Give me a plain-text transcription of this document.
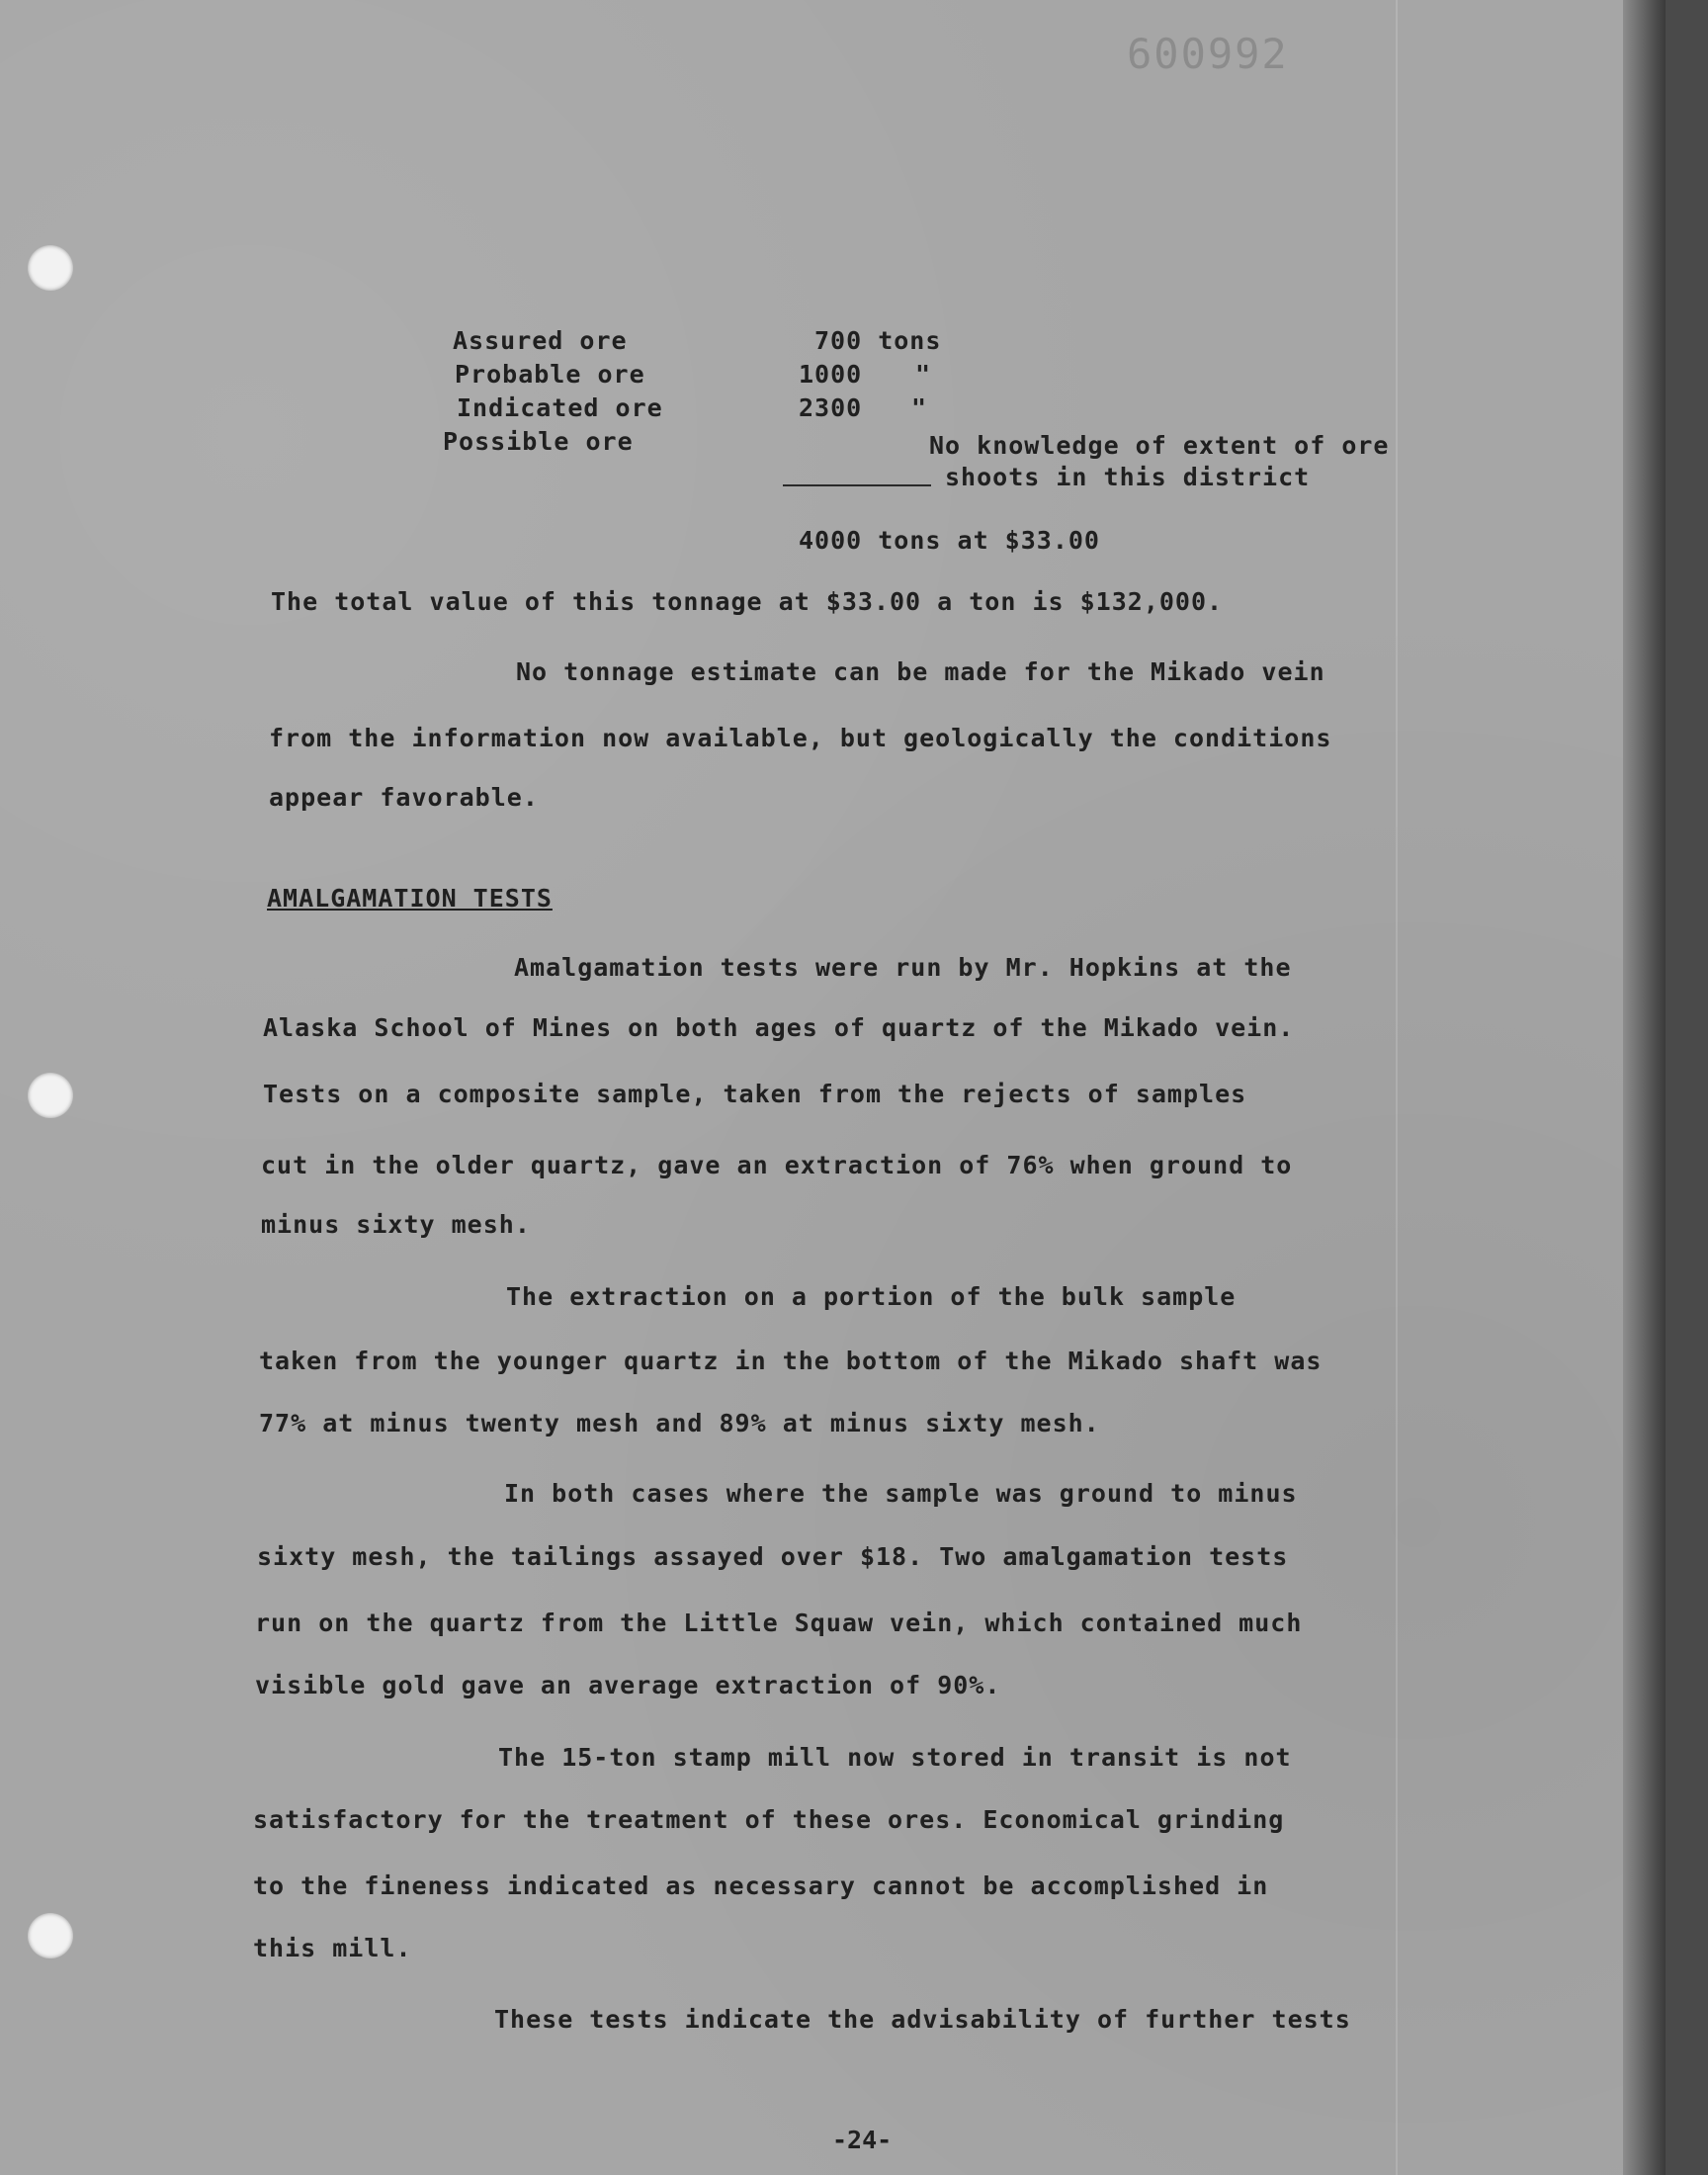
600992
Assured ore	700 tons
Probable ore	1000 "
Indicated ore	2300 "
Possible ore	No knowledge of extent of ore
shoots in this district
4000 tons at $33.00
The total value of this tonnage at $33.00 a ton is $132,000.
No tonnage estimate can be made for the Mikado vein
from the information now available, but geologically the conditions
appear favorable.
AMALGAMATION TESTS
Amalgamation tests were run by Mr. Hopkins at the
Alaska School of Mines on both ages of quartz of the Mikado vein.
Tests on a composite sample, taken from the rejects of samples
cut in the older quartz, gave an extraction of 76% when ground to
minus sixty mesh.
The extraction on a portion of the bulk sample
taken from the younger quartz in the bottom of the Mikado shaft was
77% at minus twenty mesh and 89% at minus sixty mesh.
In both cases where the sample was ground to minus
sixty mesh, the tailings assayed over $18. Two amalgamation tests
run on the quartz from the Little Squaw vein, which contained much
visible gold gave an average extraction of 90%.
The 15-ton stamp mill now stored in transit is not
satisfactory for the treatment of these ores. Economical grinding
to the fineness indicated as necessary cannot be accomplished in
this mill.
These tests indicate the advisability of further tests
-24-
